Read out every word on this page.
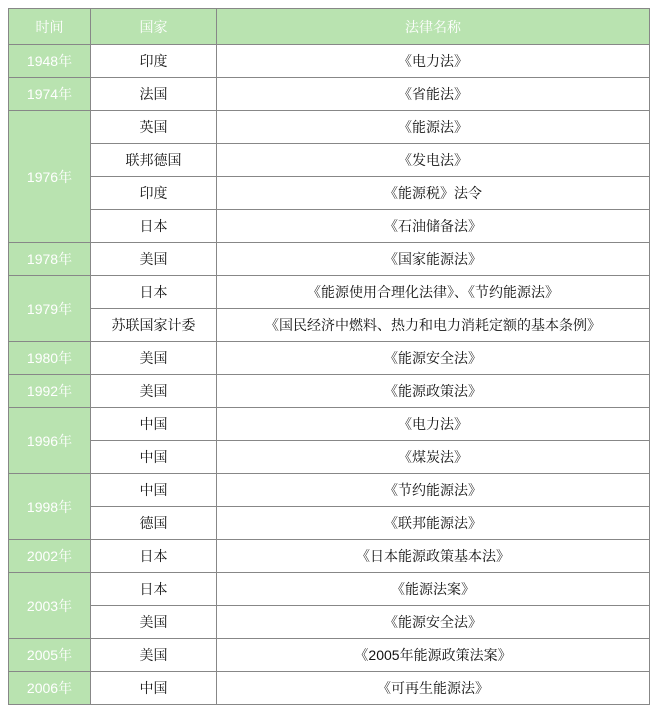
时间	国家	法律名称
1948年	印度	《电力法》
1974年	法国	《省能法》
1976年	英国	《能源法》
	联邦德国	《发电法》
	印度	《能源税》法令
	日本	《石油储备法》
1978年	美国	《国家能源法》
1979年	日本	《能源使用合理化法律》、《节约能源法》
	苏联国家计委	《国民经济中燃料、热力和电力消耗定额的基本条例》
1980年	美国	《能源安全法》
1992年	美国	《能源政策法》
1996年	中国	《电力法》
	中国	《煤炭法》
1998年	中国	《节约能源法》
	德国	《联邦能源法》
2002年	日本	《日本能源政策基本法》
2003年	日本	《能源法案》
	美国	《能源安全法》
2005年	美国	《2005年能源政策法案》
2006年	中国	《可再生能源法》
